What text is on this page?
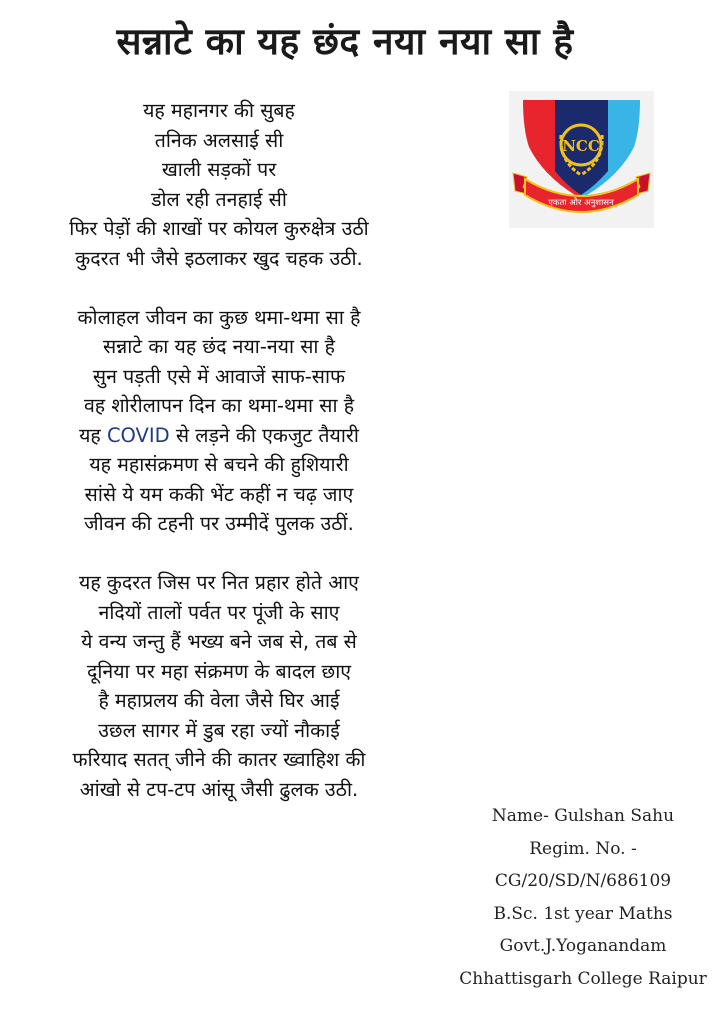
सन्नाटे का यह छंद नया नया सा है
यह महानगर की सुबह
तनिक अलसाई सी
खाली सड़कों पर
डोल रही तनहाई सी
फिर पेड़ों की शाखों पर कोयल कुरुक्षेत्र उठी
कुदरत भी जैसे इठलाकर खुद चहक उठी.
कोलाहल जीवन का कुछ थमा-थमा सा है
सन्नाटे का यह छंद नया-नया सा है
सुन पड़ती एसे में आवाजें साफ-साफ
वह शोरीलापन दिन का थमा-थमा सा है
यह COVID से लड़ने की एकजुट तैयारी
यह महासंक्रमण से बचने की हुशियारी
सांसे ये यम ककी भेंट कहीं न चढ़ जाए
जीवन की टहनी पर उम्मीदें पुलक उठीं.
यह कुदरत जिस पर नित प्रहार होते आए
नदियों तालों पर्वत पर पूंजी के साए
ये वन्य जन्तु हैं भख्य बने जब से, तब से
दूनिया पर महा संक्रमण के बादल छाए
है महाप्रलय की वेला जैसे घिर आई
उछल सागर में डुब रहा ज्यों नौकाई
फरियाद सतत् जीने की कातर ख्वाहिश की
आंखो से टप-टप आंसू जैसी ढुलक उठी.
NCC
एकता और अनुशासन
Name- Gulshan Sahu
Regim. No. -
CG/20/SD/N/686109
B.Sc. 1st year Maths
Govt.J.Yoganandam
Chhattisgarh College Raipur
